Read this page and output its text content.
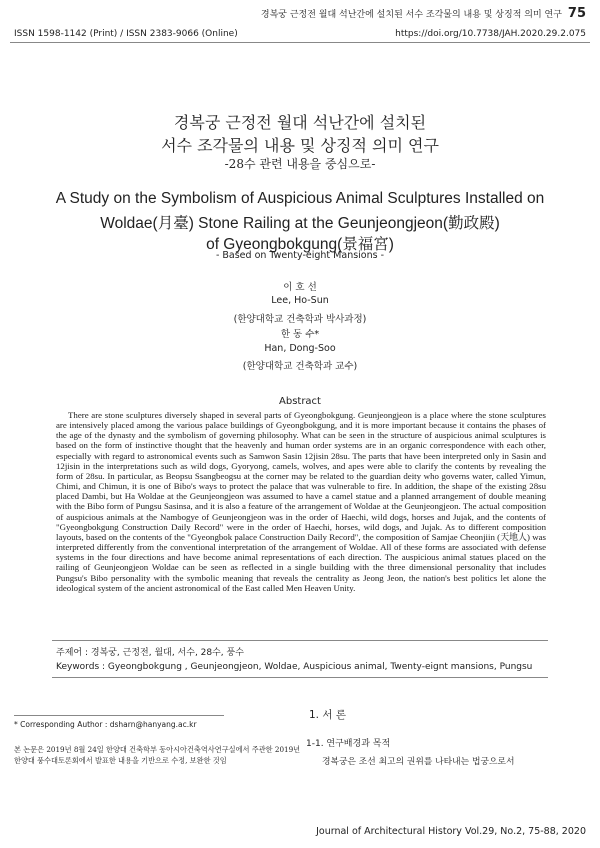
경복궁 근정전 월대 석난간에 설치된 서수 조각물의 내용 및 상징적 의미 연구 75
ISSN 1598-1142 (Print) / ISSN 2383-9066 (Online)	https://doi.org/10.7738/JAH.2020.29.2.075
경복궁 근정전 월대 석난간에 설치된
서수 조각물의 내용 및 상징적 의미 연구
-28수 관련 내용을 중심으로-
A Study on the Symbolism of Auspicious Animal Sculptures Installed on
Woldae(月臺) Stone Railing at the Geunjeongjeon(勤政殿)
of Gyeongbokgung(景福宮)
- Based on Twenty-eight Mansions -
이 호 선
Lee, Ho-Sun
(한양대학교 건축학과 박사과정)
한 동 수*
Han, Dong-Soo
(한양대학교 건축학과 교수)
Abstract
There are stone sculptures diversely shaped in several parts of Gyeongbokgung. Geunjeongjeon is a place where the stone sculptures are intensively placed among the various palace buildings of Gyeongbokgung, and it is more important because it contains the phases of the age of the dynasty and the symbolism of governing philosophy. What can be seen in the structure of auspicious animal sculptures is based on the form of instinctive thought that the heavenly and human order systems are in an organic correspondence with each other, especially with regard to astronomical events such as Samwon Sasin 12jisin 28su. The parts that have been interpreted only in Sasin and 12jisin in the interpretations such as wild dogs, Gyoryong, camels, wolves, and apes were able to clarify the contents by revealing the form of 28su. In particular, as Beopsu Ssangbeogsu at the corner may be related to the guardian deity who governs water, called Yimun, Chimi, and Chimun, it is one of Bibo's ways to protect the palace that was vulnerable to fire. In addition, the shape of the existing 28su placed Dambi, but Ha Woldae at the Geunjeongjeon was assumed to have a camel statue and a planned arrangement of double meaning with the Bibo form of Pungsu Sasinsa, and it is also a feature of the arrangement of Woldae at the Geunjeongjeon. The actual composition of auspicious animals at the Nambogye of Geunjeongjeon was in the order of Haechi, wild dogs, horses and Jujak, and the contents of "Gyeongbokgung Construction Daily Record" were in the order of Haechi, horses, wild dogs, and Jujak. As to different composition layouts, based on the contents of the "Gyeongbok palace Construction Daily Record", the composition of Samjae Cheonjiin (天地人) was interpreted differently from the conventional interpretation of the arrangement of Woldae. All of these forms are associated with defense systems in the four directions and have become animal representations of each direction. The auspicious animal statues placed on the railing of Geunjeongjeon Woldae can be seen as reflected in a single building with the three dimensional personality that includes Pungsu's Bibo personality with the symbolic meaning that reveals the centrality as Jeong Jeon, the nation's best politics let alone the ideological system of the ancient astronomical of the East called Men Heaven Unity.
주제어 : 경복궁, 근정전, 월대, 서수, 28수, 풍수
Keywords : Gyeongbokgung , Geunjeongjeon, Woldae, Auspicious animal, Twenty-eignt mansions, Pungsu
1. 서 론
* Corresponding Author : dsharn@hanyang.ac.kr
본 논문은 2019년 8월 24일 한양대 건축학부 동아시아건축역사연구실에서 주관한 2019년 한양대 풍수대토론회에서 발표한 내용을 기반으로 수정, 보완한 것임
1-1. 연구배경과 목적
경복궁은 조선 최고의 권위를 나타내는 법궁으로서
Journal of Architectural History Vol.29, No.2, 75-88, 2020
